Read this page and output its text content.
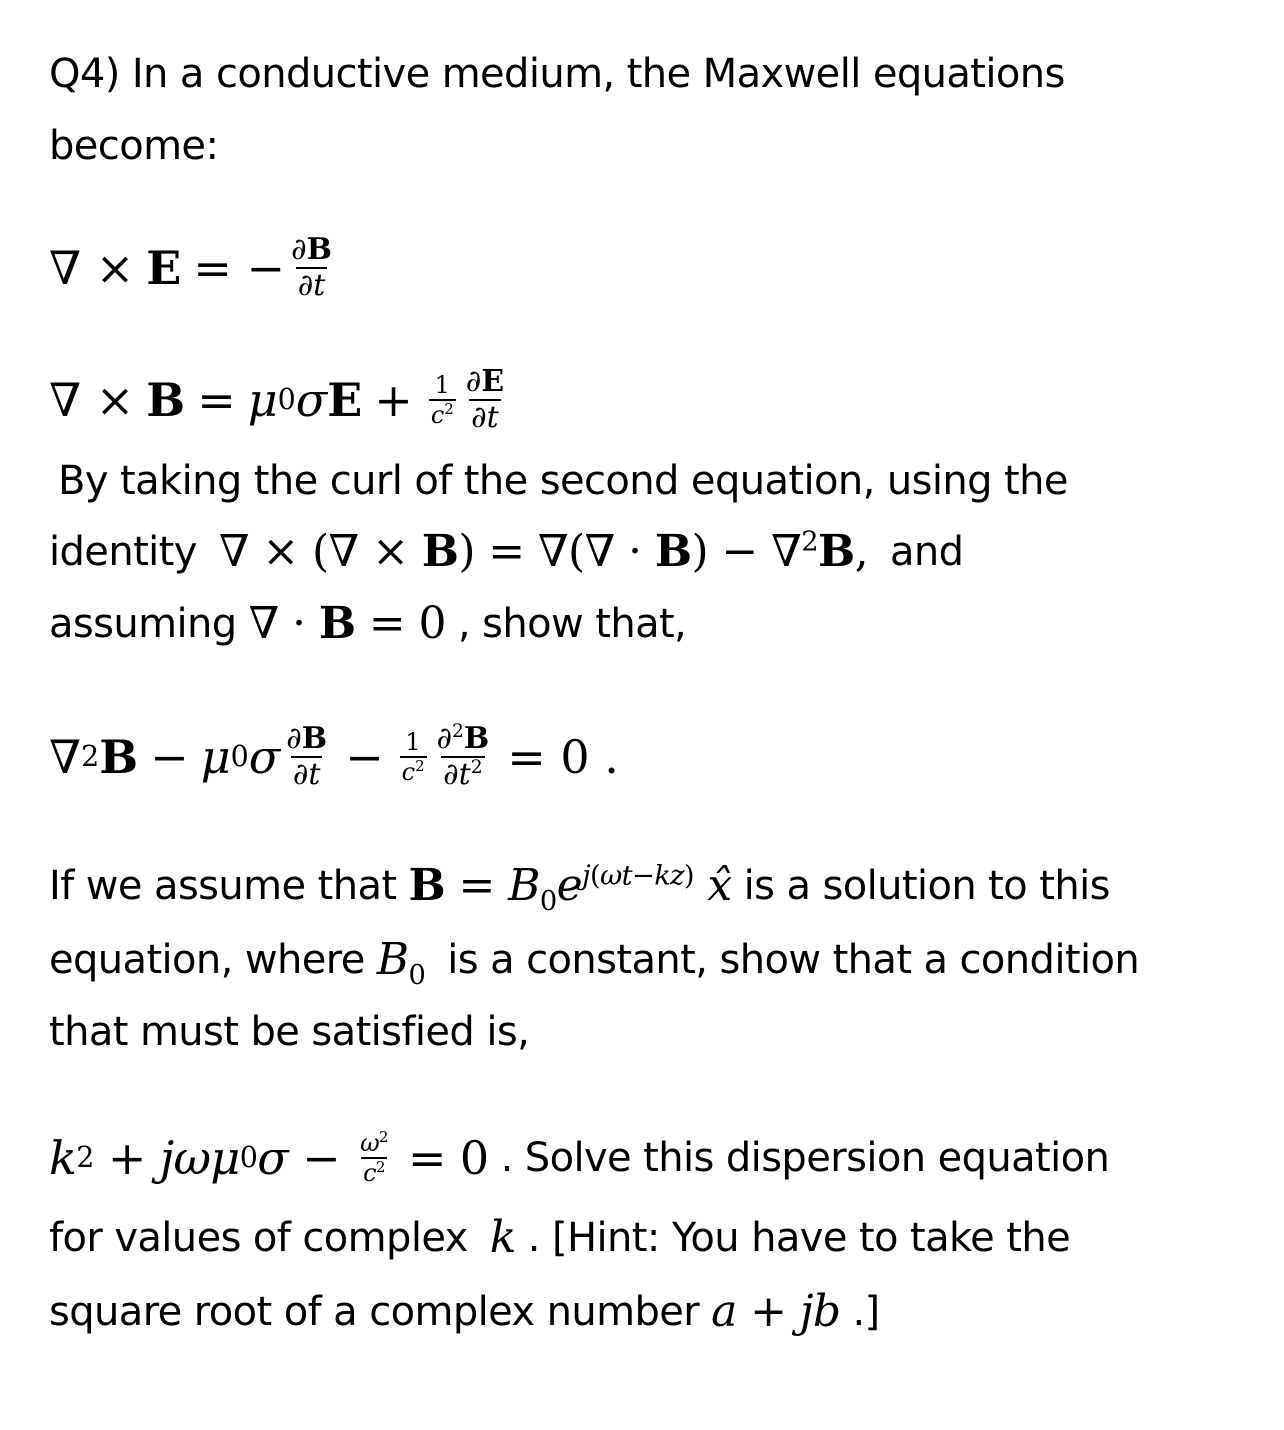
Q4) In a conductive medium, the Maxwell equations
become:
∇ × E = − $\frac{\partial B}{\partial t}$
∇ × B = μ 0 σ $E + \frac{1}{c^2} \frac{\partial E}{\partial t}$
By taking the curl of the second equation, using the
identity ∇ × (∇ × B) = ∇(∇ · B) − ∇$^2$B, and
assuming ∇ · B = 0 , show that,
∇ 2 B − μ 0 σ $\frac{\partial B}{\partial t} - \frac{1}{c^2} \frac{\partial^2B}{\partial t^2} = 0$ .
If we assume that $B = B_0e^{j(\omega t-kz)}$ x̂ is a solution to this
equation, where $B_0$ is a constant, show that a condition
that must be satisfied is,
k 2 + jωμ 0 $\sigma - \frac{\omega^2}{c^2} = 0$ . Solve this dispersion equation
for values of complex k . [Hint: You have to take the
square root of a complex number a + jb .]
